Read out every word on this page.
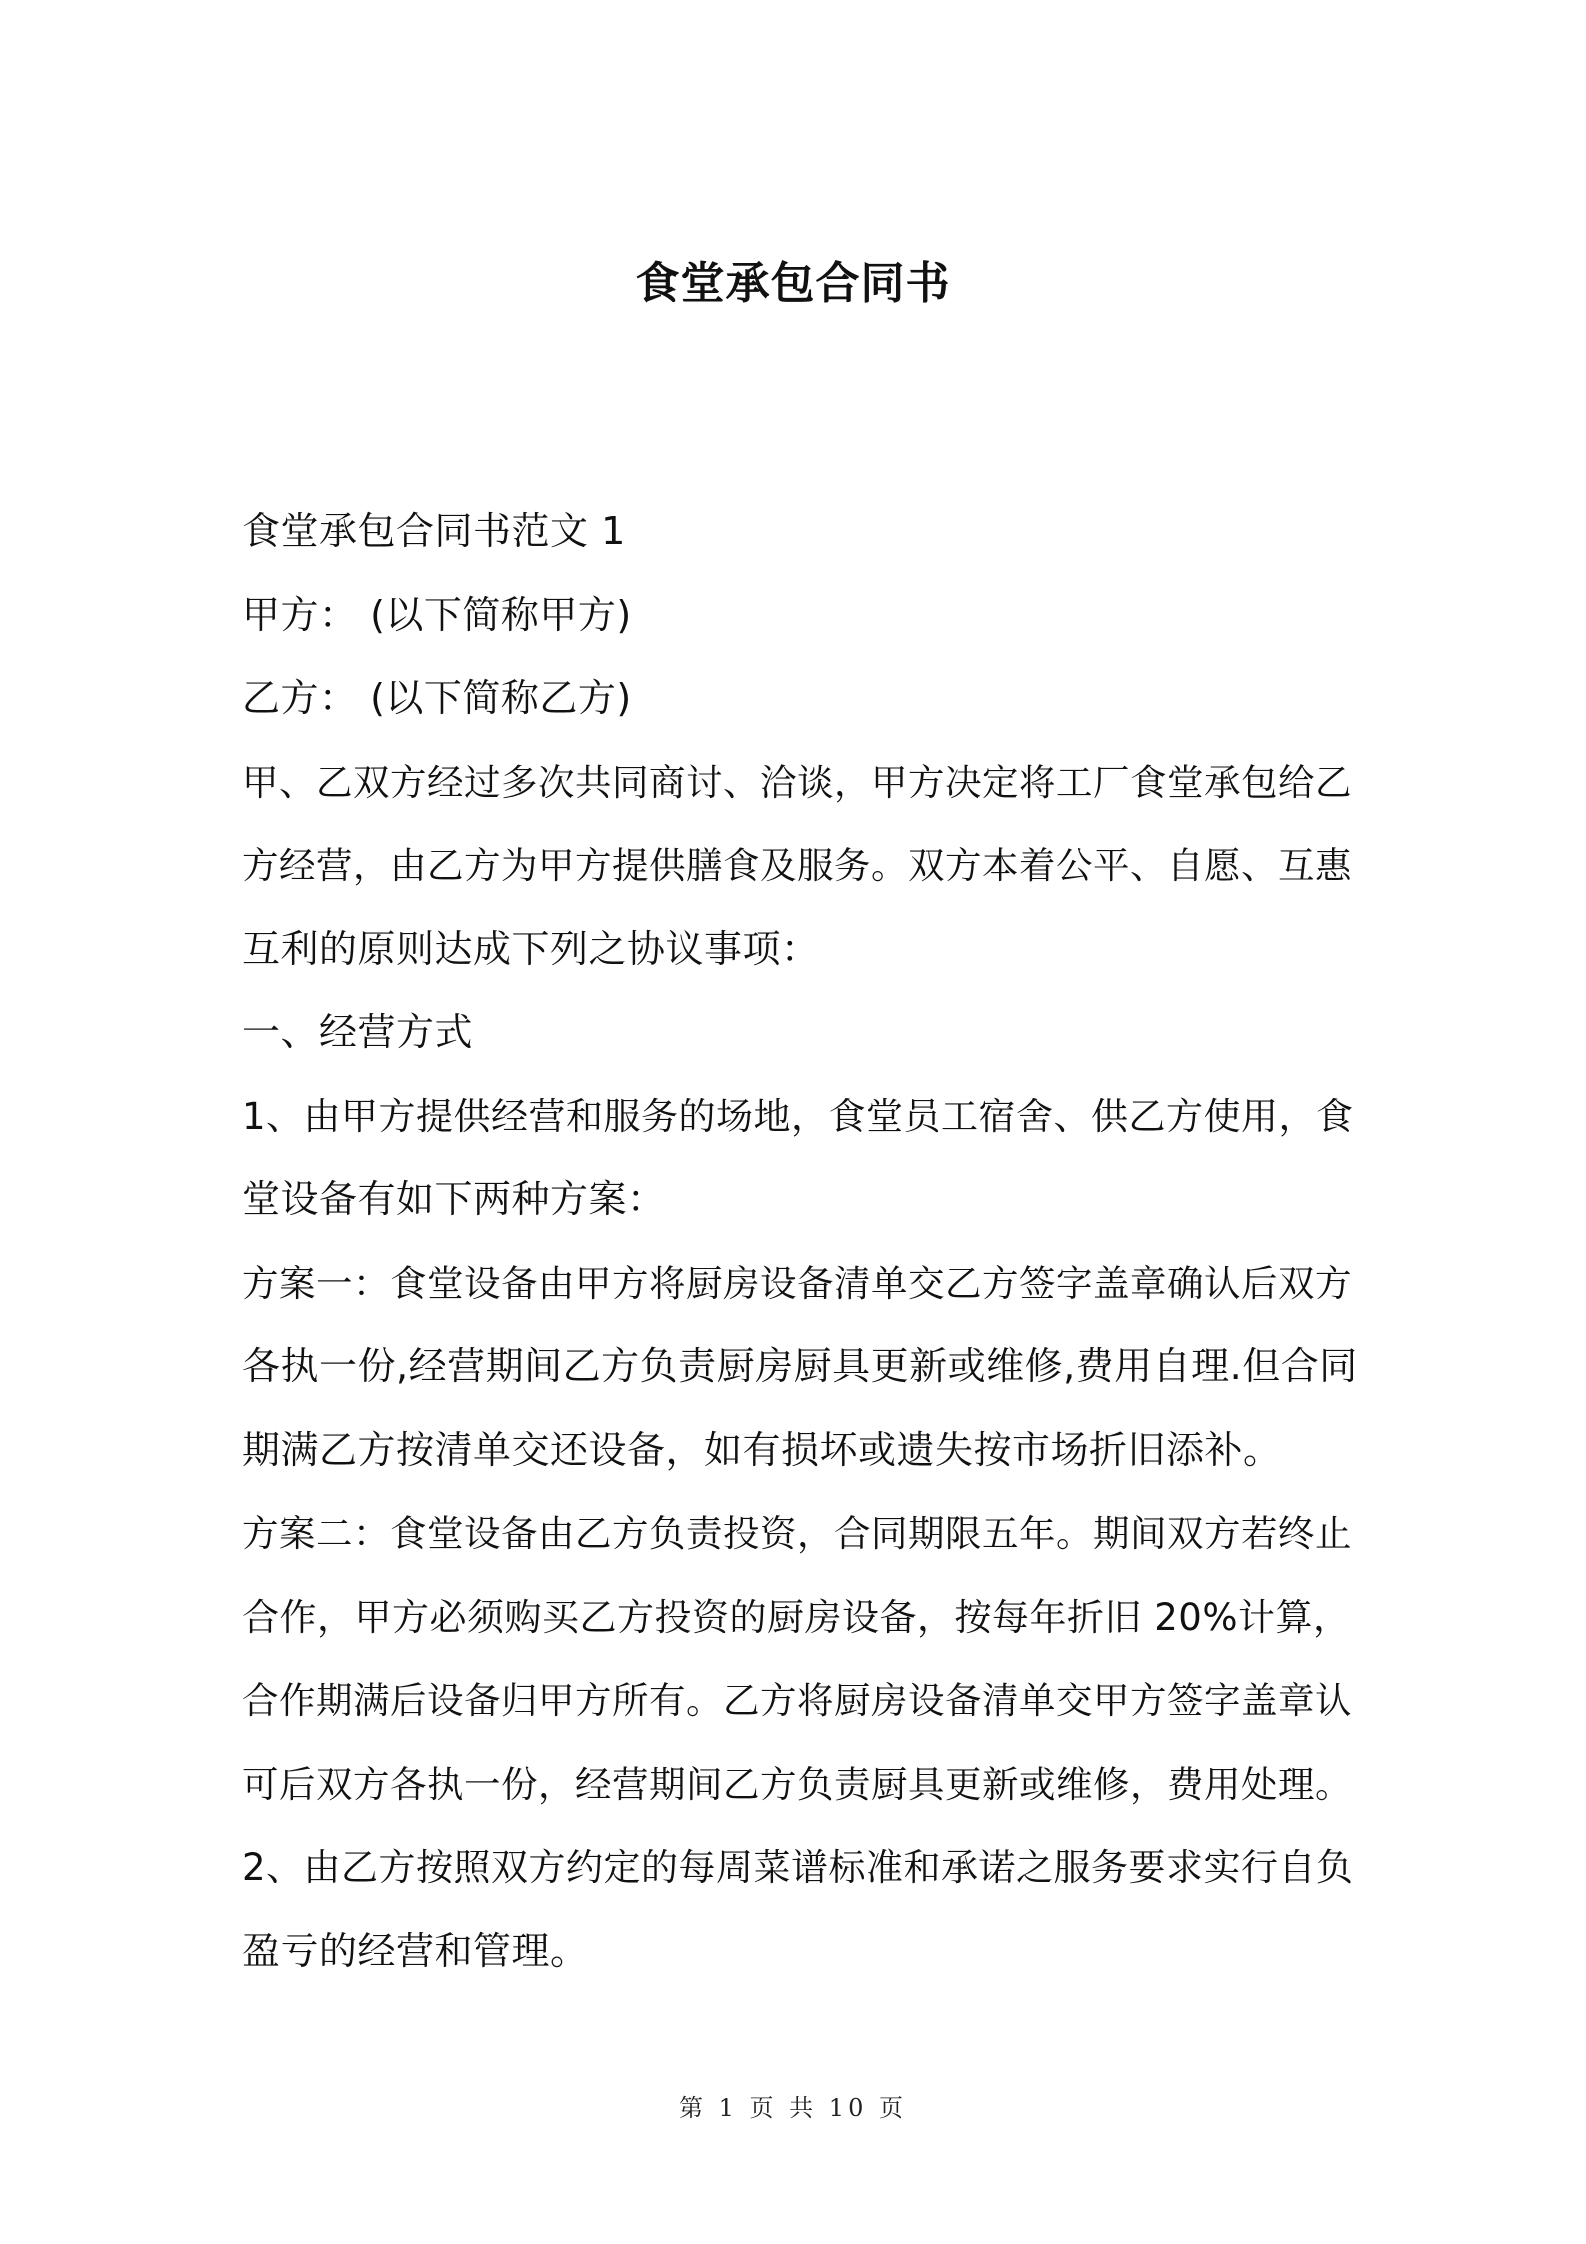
食堂承包合同书

食堂承包合同书范文 1

甲方： (以下简称甲方)

乙方： (以下简称乙方)

甲、乙双方经过多次共同商讨、洽谈，甲方决定将工厂食堂承包给乙

方经营，由乙方为甲方提供膳食及服务。双方本着公平、自愿、互惠

互利的原则达成下列之协议事项：

一、经营方式

1、由甲方提供经营和服务的场地，食堂员工宿舍、供乙方使用，食

堂设备有如下两种方案：

方案一：食堂设备由甲方将厨房设备清单交乙方签字盖章确认后双方

各执一份,经营期间乙方负责厨房厨具更新或维修,费用自理.但合同

期满乙方按清单交还设备，如有损坏或遗失按市场折旧添补。

方案二：食堂设备由乙方负责投资，合同期限五年。期间双方若终止

合作，甲方必须购买乙方投资的厨房设备，按每年折旧 20%计算，

合作期满后设备归甲方所有。乙方将厨房设备清单交甲方签字盖章认

可后双方各执一份，经营期间乙方负责厨具更新或维修，费用处理。

2、由乙方按照双方约定的每周菜谱标准和承诺之服务要求实行自负

盈亏的经营和管理。

第 1 页 共 10 页
